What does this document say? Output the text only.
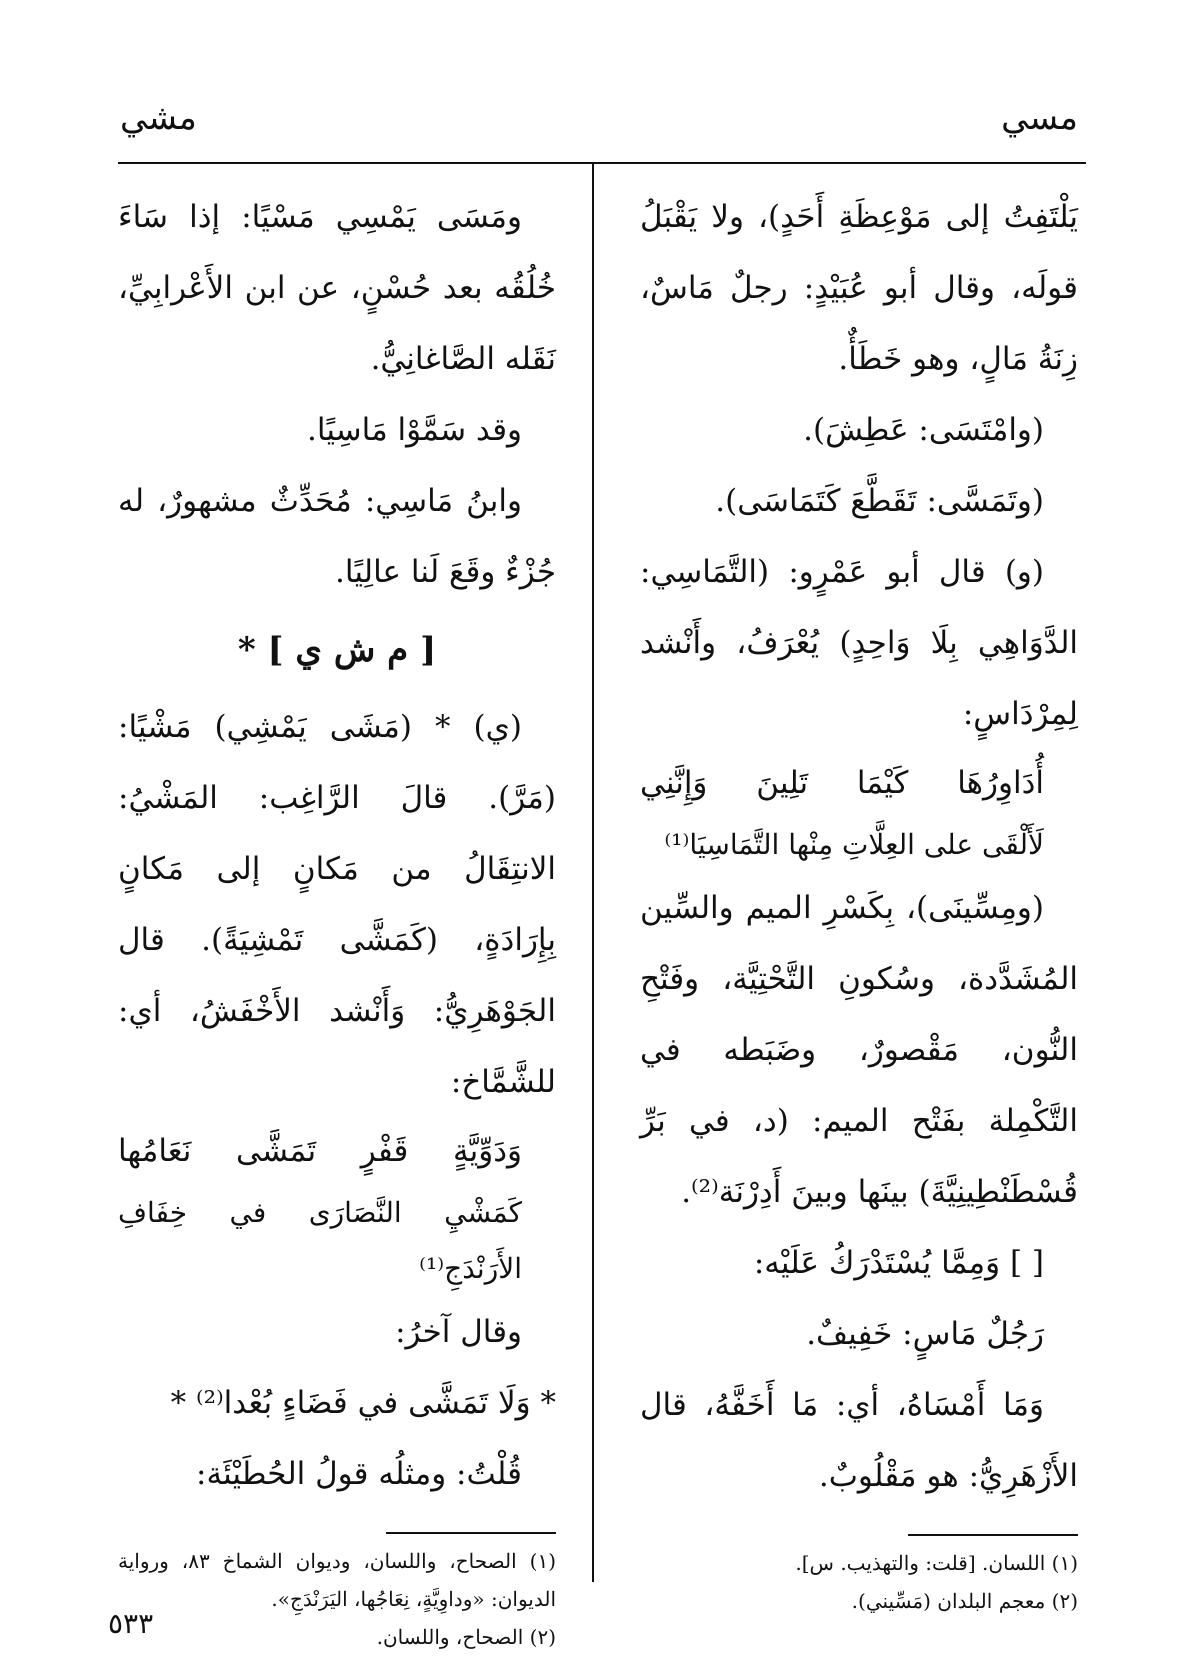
مسي
مشي

يَلْتَفِتُ إلى مَوْعِظَةِ أَحَدٍ)، ولا يَقْبَلُ قولَه، وقال أبو عُبَيْدٍ: رجلٌ مَاسٌ، زِنَةُ مَالٍ، وهو خَطَأٌ.

(وامْتَسَى: عَطِشَ).

(وتَمَسَّى: تَقَطَّعَ كَتَمَاسَى).

(و) قال أبو عَمْرٍو: (التَّمَاسِي: الدَّوَاهِي بِلَا وَاحِدٍ) يُعْرَفُ، وأَنْشد لِمِرْدَاسٍ:

أُدَاوِرُهَا كَيْمَا تَلِينَ وَإِنَّنِي

لَأَلْقَى على العِلَّاتِ مِنْها التَّمَاسِيَا⁽¹⁾

(ومِسِّينَى)، بِكَسْرِ الميم والسِّين المُشَدَّدة، وسُكونِ التَّحْتِيَّة، وفَتْحِ النُّون، مَقْصورٌ، وضَبَطه في التَّكْمِلة بفَتْح الميم: (د، في بَرِّ قُسْطَنْطِينِيَّةَ) بينَها وبينَ أَدِرْنَة⁽²⁾.

[ ] وَمِمَّا يُسْتَدْرَكُ عَلَيْه:

رَجُلٌ مَاسٍ: خَفِيفٌ.

وَمَا أَمْسَاهُ، أي: مَا أَخَفَّهُ، قال الأَزْهَرِيُّ: هو مَقْلُوبٌ.

(١) اللسان. [قلت: والتهذيب. س].

(٢) معجم البلدان (مَسِّيني).

ومَسَى يَمْسِي مَسْيًا: إذا سَاءَ خُلُقُه بعد حُسْنٍ، عن ابن الأَعْرابِيِّ، نَقَله الصَّاغانِيُّ.

وقد سَمَّوْا مَاسِيًا.

وابنُ مَاسِي: مُحَدِّثٌ مشهورٌ، له جُزْءٌ وقَعَ لَنا عالِيًا.

[ م ش ي ] *

(ي) * (مَشَى يَمْشِي) مَشْيًا: (مَرَّ). قالَ الرَّاغِب: المَشْيُ: الانتِقَالُ من مَكانٍ إلى مَكانٍ بِإِرَادَةٍ، (كَمَشَّى تَمْشِيَةً). قال الجَوْهَرِيُّ: وَأَنْشد الأَخْفَشُ، أي: للشَّمَّاخ:

وَدَوِّيَّةٍ قَفْرٍ تَمَشَّى نَعَامُها

كَمَشْيِ النَّصَارَى في خِفَافِ الأَرَنْدَجِ⁽¹⁾

وقال آخرُ:

* وَلَا تَمَشَّى في فَضَاءٍ بُعْدا⁽²⁾ *

قُلْتُ: ومثلُه قولُ الحُطَيْئَة:

(١) الصحاح، واللسان، وديوان الشماخ ٨٣، ورواية الديوان: «وداوِيَّةٍ، نِعَاجُها، اليَرَنْدَجِ».

(٢) الصحاح، واللسان.

٥٣٣
